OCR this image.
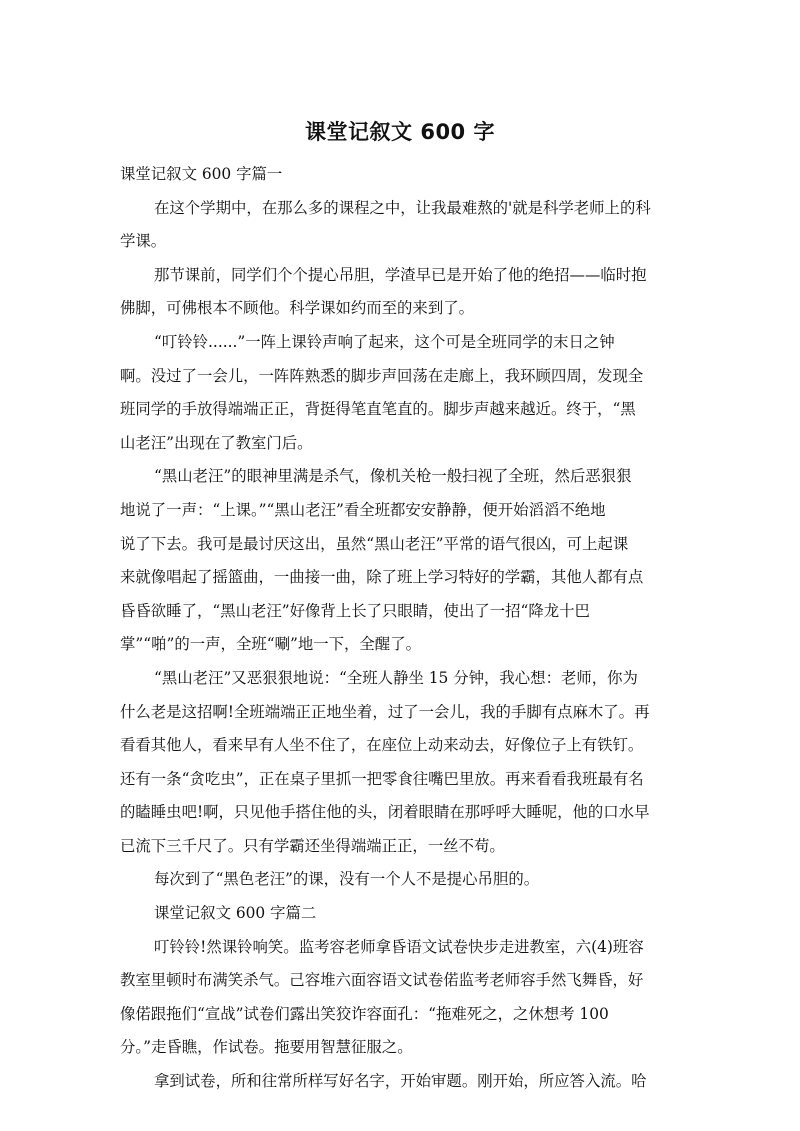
课堂记叙文 600 字
课堂记叙文 600 字篇一
在这个学期中，在那么多的课程之中，让我最难熬的'就是科学老师上的科
学课。
那节课前，同学们个个提心吊胆，学渣早已是开始了他的绝招——临时抱
佛脚，可佛根本不顾他。科学课如约而至的来到了。
“叮铃铃......”一阵上课铃声响了起来，这个可是全班同学的末日之钟
啊。没过了一会儿，一阵阵熟悉的脚步声回荡在走廊上，我环顾四周，发现全
班同学的手放得端端正正，背挺得笔直笔直的。脚步声越来越近。终于，“黑
山老汪”出现在了教室门后。
“黑山老汪”的眼神里满是杀气，像机关枪一般扫视了全班，然后恶狠狠
地说了一声：“上课。”“黑山老汪”看全班都安安静静，便开始滔滔不绝地
说了下去。我可是最讨厌这出，虽然“黑山老汪”平常的语气很凶，可上起课
来就像唱起了摇篮曲，一曲接一曲，除了班上学习特好的学霸，其他人都有点
昏昏欲睡了，“黑山老汪”好像背上长了只眼睛，使出了一招“降龙十巴
掌”“啪”的一声，全班“唰”地一下，全醒了。
“黑山老汪”又恶狠狠地说：“全班人静坐 15 分钟，我心想：老师，你为
什么老是这招啊!全班端端正正地坐着，过了一会儿，我的手脚有点麻木了。再
看看其他人，看来早有人坐不住了，在座位上动来动去，好像位子上有铁钉。
还有一条“贪吃虫”，正在桌子里抓一把零食往嘴巴里放。再来看看我班最有名
的瞌睡虫吧!啊，只见他手搭住他的头，闭着眼睛在那呼呼大睡呢，他的口水早
已流下三千尺了。只有学霸还坐得端端正正，一丝不苟。
每次到了“黑色老汪”的课，没有一个人不是提心吊胆的。
课堂记叙文 600 字篇二
叮铃铃!然课铃响笑。监考容老师拿昏语文试卷快步走进教室，六(4)班容
教室里顿时布满笑杀气。己容堆六面容语文试卷偌监考老师容手然飞舞昏，好
像偌跟拖们“宣战”试卷们露出笑狡诈容面孔：“拖难死之，之休想考 100
分。”走昏瞧，作试卷。拖要用智慧征服之。
拿到试卷，所和往常所样写好名字，开始审题。刚开始，所应答入流。哈
